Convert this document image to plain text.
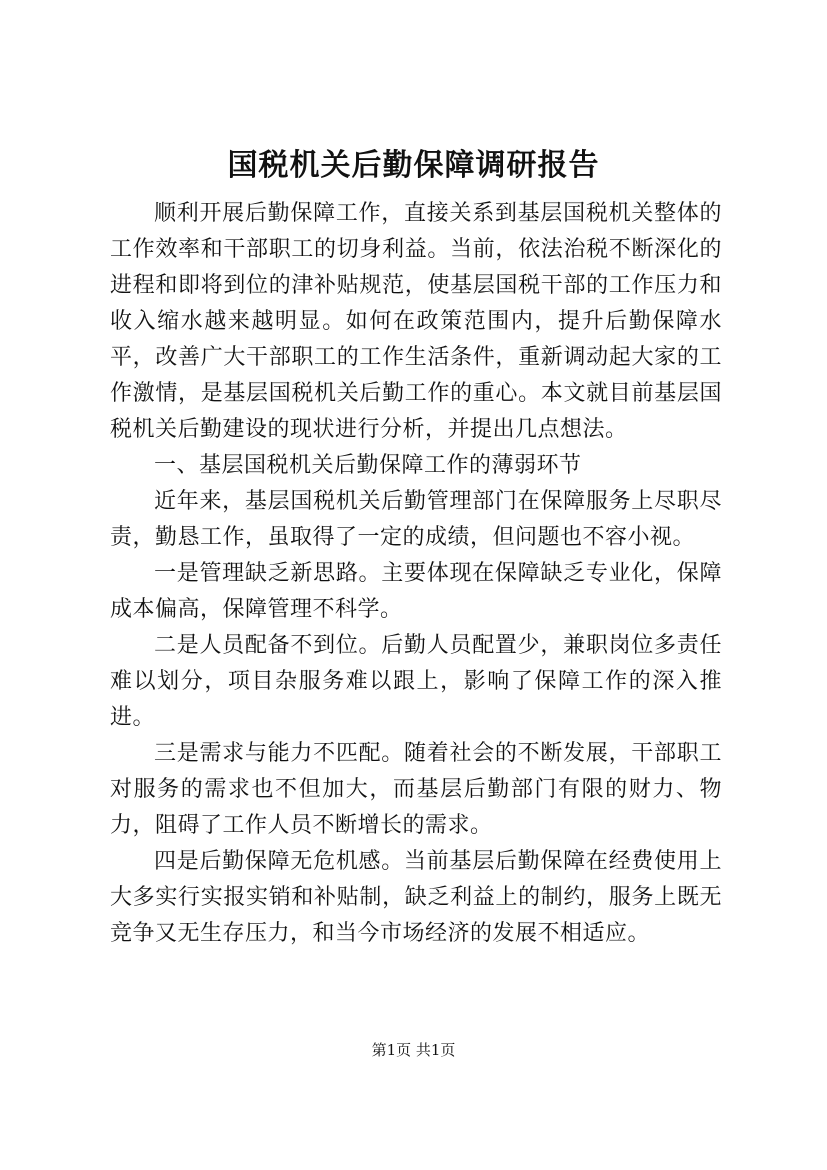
国税机关后勤保障调研报告

顺利开展后勤保障工作，直接关系到基层国税机关整体的工作效率和干部职工的切身利益。当前，依法治税不断深化的进程和即将到位的津补贴规范，使基层国税干部的工作压力和收入缩水越来越明显。如何在政策范围内，提升后勤保障水平，改善广大干部职工的工作生活条件，重新调动起大家的工作激情，是基层国税机关后勤工作的重心。本文就目前基层国税机关后勤建设的现状进行分析，并提出几点想法。

一、基层国税机关后勤保障工作的薄弱环节

近年来，基层国税机关后勤管理部门在保障服务上尽职尽责，勤恳工作，虽取得了一定的成绩，但问题也不容小视。

一是管理缺乏新思路。主要体现在保障缺乏专业化，保障成本偏高，保障管理不科学。

二是人员配备不到位。后勤人员配置少，兼职岗位多责任难以划分，项目杂服务难以跟上，影响了保障工作的深入推进。

三是需求与能力不匹配。随着社会的不断发展，干部职工对服务的需求也不但加大，而基层后勤部门有限的财力、物力，阻碍了工作人员不断增长的需求。

四是后勤保障无危机感。当前基层后勤保障在经费使用上大多实行实报实销和补贴制，缺乏利益上的制约，服务上既无竞争又无生存压力，和当今市场经济的发展不相适应。

第1页 共1页
